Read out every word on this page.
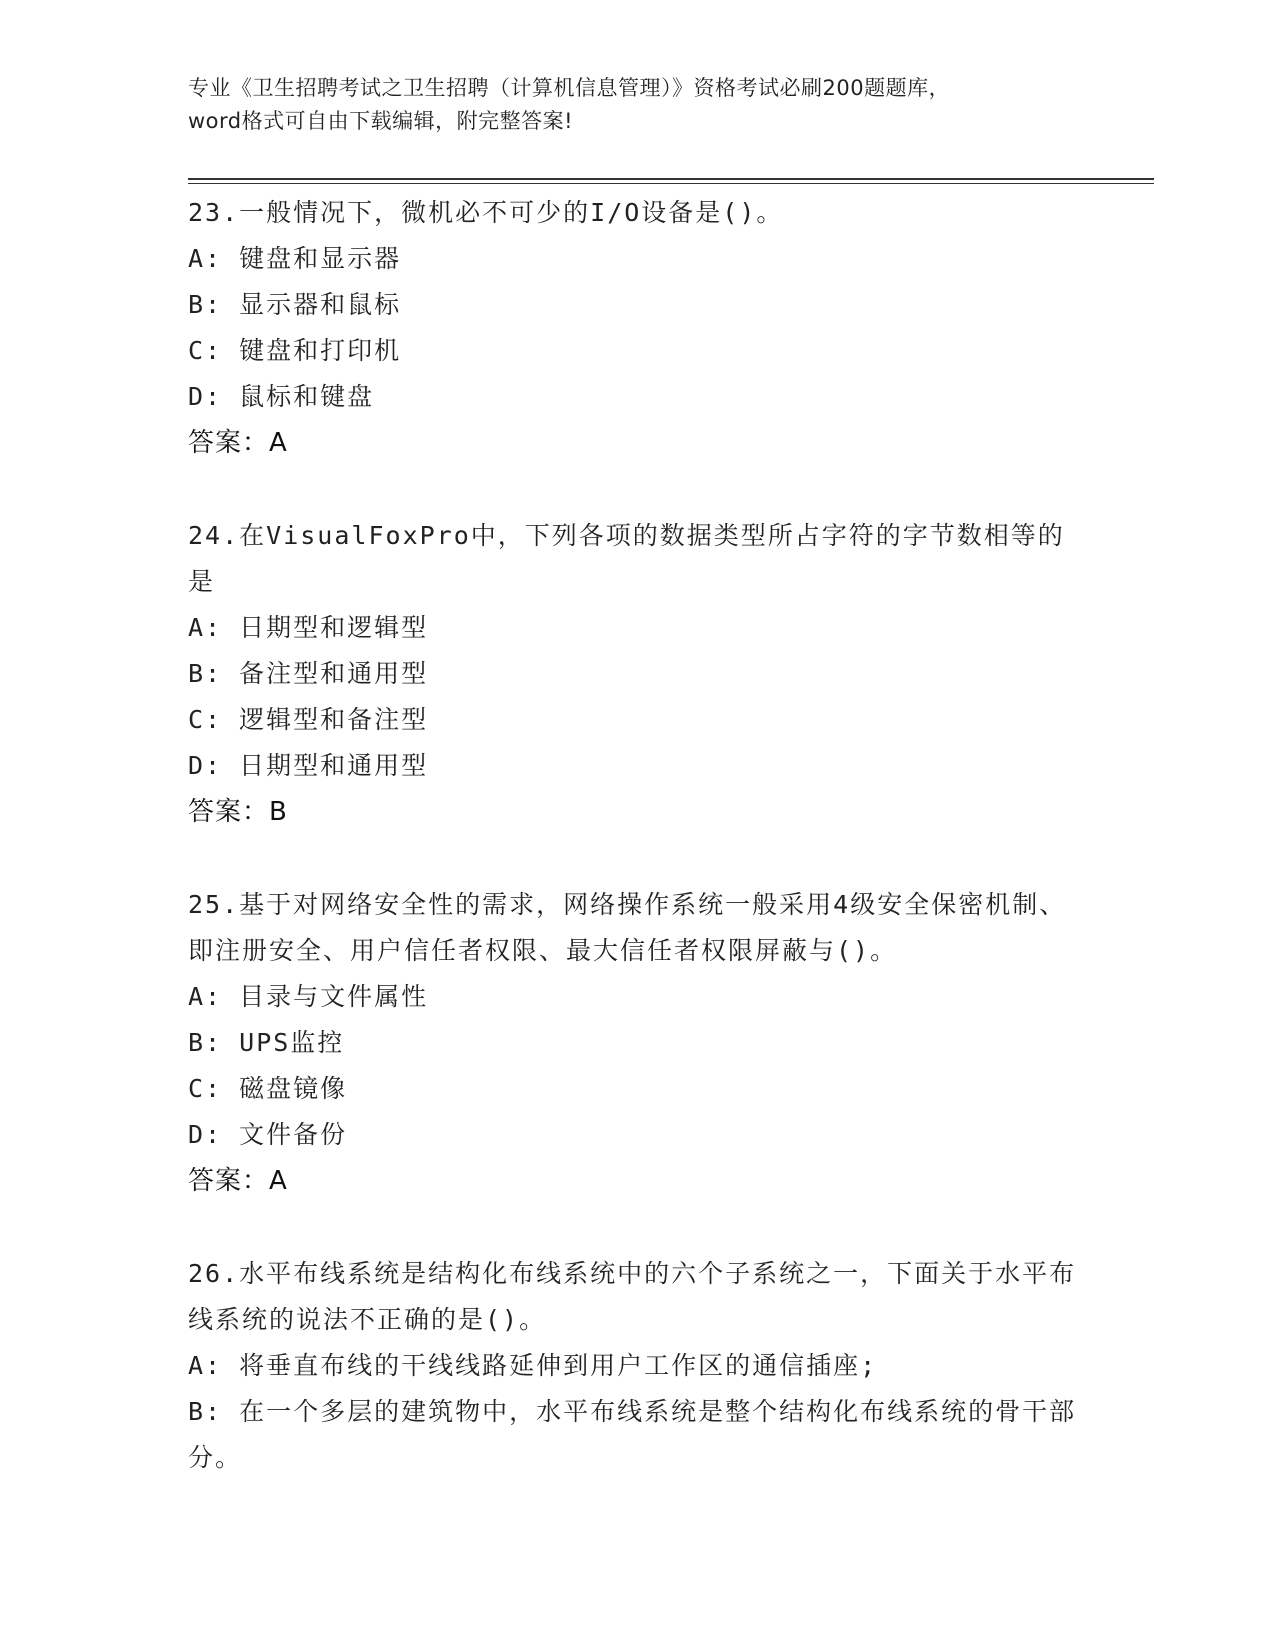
专业《卫生招聘考试之卫生招聘（计算机信息管理）》资格考试必刷200题题库，
word格式可自由下载编辑，附完整答案!
23.一般情况下，微机必不可少的I/O设备是()。
A: 键盘和显示器
B: 显示器和鼠标
C: 键盘和打印机
D: 鼠标和键盘
答案：A
24.在VisualFoxPro中，下列各项的数据类型所占字符的字节数相等的是
A: 日期型和逻辑型
B: 备注型和通用型
C: 逻辑型和备注型
D: 日期型和通用型
答案：B
25.基于对网络安全性的需求，网络操作系统一般采用4级安全保密机制、即注册安全、用户信任者权限、最大信任者权限屏蔽与()。
A: 目录与文件属性
B: UPS监控
C: 磁盘镜像
D: 文件备份
答案：A
26.水平布线系统是结构化布线系统中的六个子系统之一，下面关于水平布线系统的说法不正确的是()。
A: 将垂直布线的干线线路延伸到用户工作区的通信插座;
B: 在一个多层的建筑物中，水平布线系统是整个结构化布线系统的骨干部分。
